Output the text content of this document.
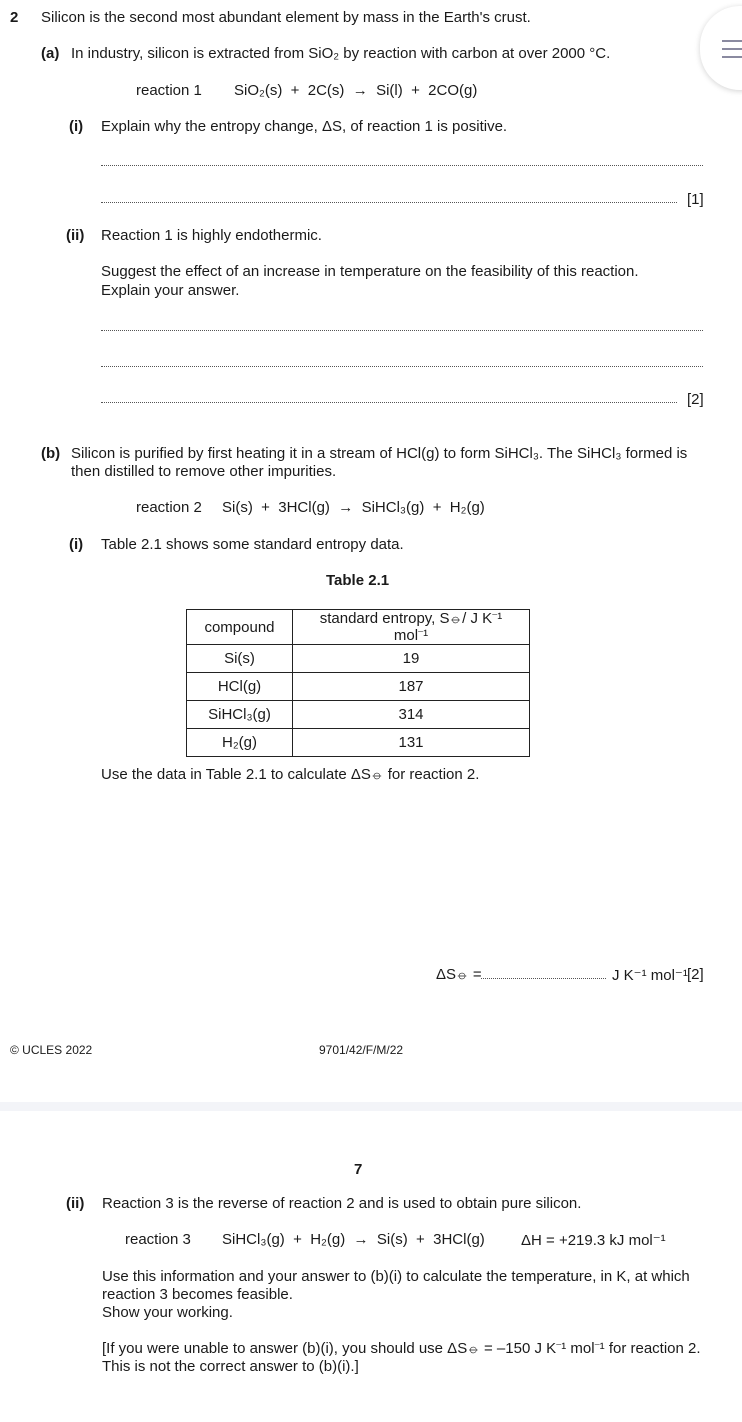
2 Silicon is the second most abundant element by mass in the Earth's crust.
(a) In industry, silicon is extracted from SiO₂ by reaction with carbon at over 2000 °C.
reaction 1 SiO₂(s)  +  2C(s)  →  Si(l)  +  2CO(g)
(i) Explain why the entropy change, ΔS, of reaction 1 is positive.
[1]
(ii) Reaction 1 is highly endothermic.
Suggest the effect of an increase in temperature on the feasibility of this reaction.
Explain your answer.
[2]
(b) Silicon is purified by first heating it in a stream of HCl(g) to form SiHCl₃. The SiHCl₃ formed is
then distilled to remove other impurities.
reaction 2 Si(s)  +  3HCl(g)  →  SiHCl₃(g)  +  H₂(g)
(i) Table 2.1 shows some standard entropy data.
Table 2.1
compound	standard entropy, S⦵/ J K⁻¹ mol⁻¹
Si(s)	19
HCl(g)	187
SiHCl₃(g)	314
H₂(g)	131
Use the data in Table 2.1 to calculate ΔS⦵ for reaction 2.
ΔS⦵ =	J K⁻¹ mol⁻¹ [2]
© UCLES 2022	9701/42/F/M/22
7
(ii) Reaction 3 is the reverse of reaction 2 and is used to obtain pure silicon.
reaction 3 SiHCl₃(g)  +  H₂(g)  →  Si(s)  +  3HCl(g) ΔH = +219.3 kJ mol⁻¹
Use this information and your answer to (b)(i) to calculate the temperature, in K, at which
reaction 3 becomes feasible.
Show your working.
[If you were unable to answer (b)(i), you should use ΔS⦵ = –150 J K⁻¹ mol⁻¹ for reaction 2.
This is not the correct answer to (b)(i).]
